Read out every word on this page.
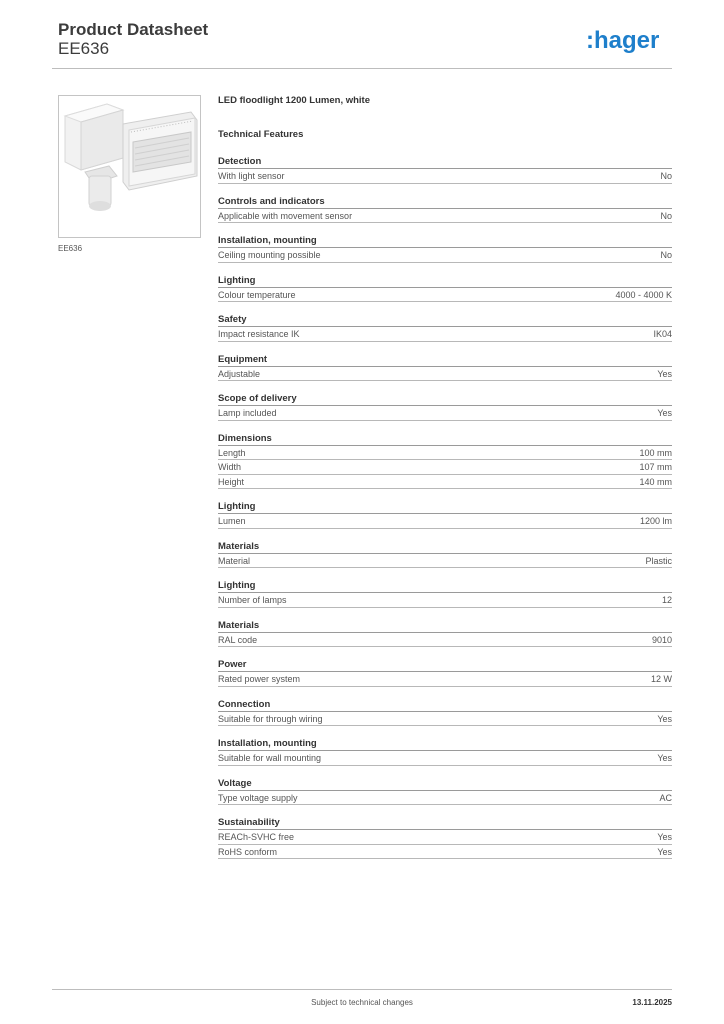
Product Datasheet
EE636	:hager
EE636
LED floodlight 1200 Lumen, white
Technical Features
Detection
With light sensor	No
Controls and indicators
Applicable with movement sensor	No
Installation, mounting
Ceiling mounting possible	No
Lighting
Colour temperature	4000 - 4000 K
Safety
Impact resistance IK	IK04
Equipment
Adjustable	Yes
Scope of delivery
Lamp included	Yes
Dimensions
Length	100 mm
Width	107 mm
Height	140 mm
Lighting
Lumen	1200 lm
Materials
Material	Plastic
Lighting
Number of lamps	12
Materials
RAL code	9010
Power
Rated power system	12 W
Connection
Suitable for through wiring	Yes
Installation, mounting
Suitable for wall mounting	Yes
Voltage
Type voltage supply	AC
Sustainability
REACh-SVHC free	Yes
RoHS conform	Yes
Subject to technical changes	13.11.2025
